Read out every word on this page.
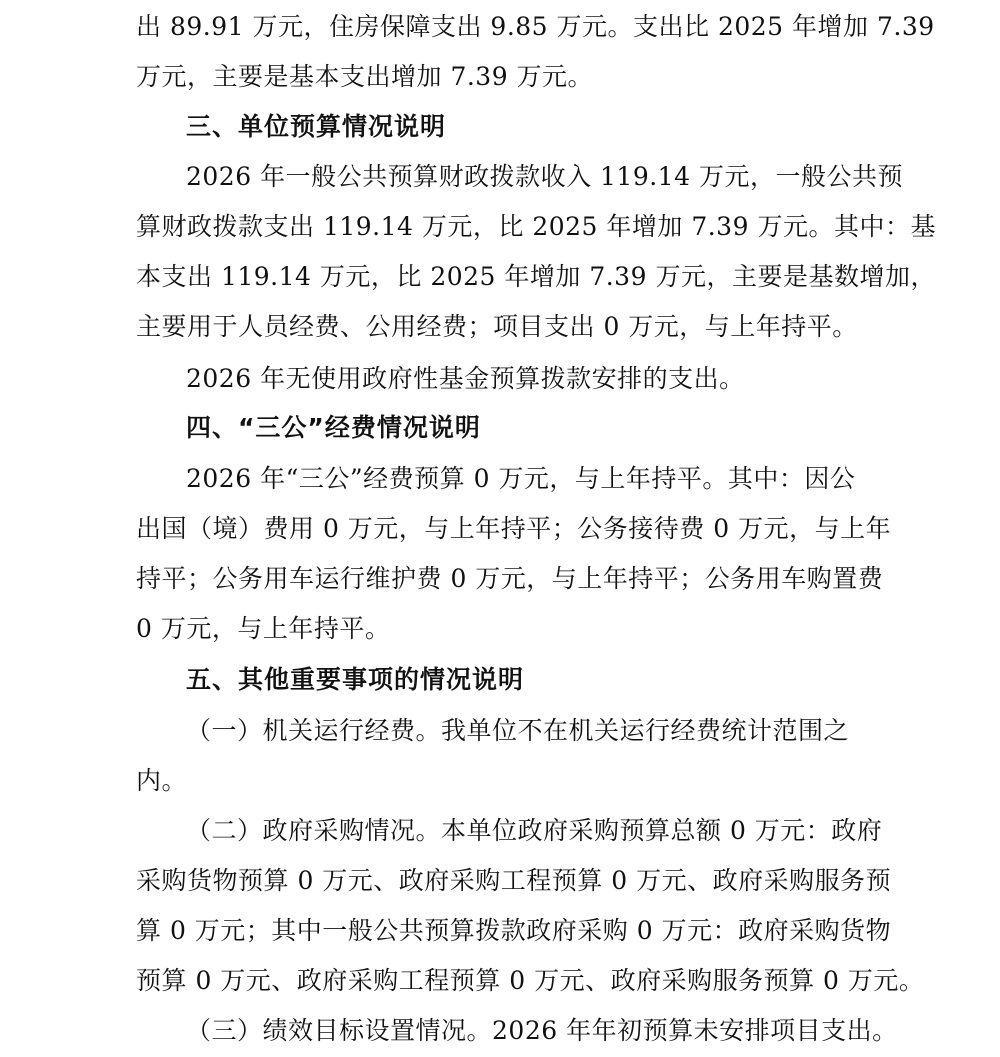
出 89.91 万元，住房保障支出 9.85 万元。支出比 2025 年增加 7.39
万元，主要是基本支出增加 7.39 万元。
三、单位预算情况说明
2026 年一般公共预算财政拨款收入 119.14 万元，一般公共预
算财政拨款支出 119.14 万元，比 2025 年增加 7.39 万元。其中：基
本支出 119.14 万元，比 2025 年增加 7.39 万元，主要是基数增加，
主要用于人员经费、公用经费；项目支出 0 万元，与上年持平。
2026 年无使用政府性基金预算拨款安排的支出。
四、“三公”经费情况说明
2026 年“三公”经费预算 0 万元，与上年持平。其中：因公
出国（境）费用 0 万元，与上年持平；公务接待费 0 万元，与上年
持平；公务用车运行维护费 0 万元，与上年持平；公务用车购置费
0 万元，与上年持平。
五、其他重要事项的情况说明
（一）机关运行经费。我单位不在机关运行经费统计范围之
内。
（二）政府采购情况。本单位政府采购预算总额 0 万元：政府
采购货物预算 0 万元、政府采购工程预算 0 万元、政府采购服务预
算 0 万元；其中一般公共预算拨款政府采购 0 万元：政府采购货物
预算 0 万元、政府采购工程预算 0 万元、政府采购服务预算 0 万元。
（三）绩效目标设置情况。2026 年年初预算未安排项目支出。
